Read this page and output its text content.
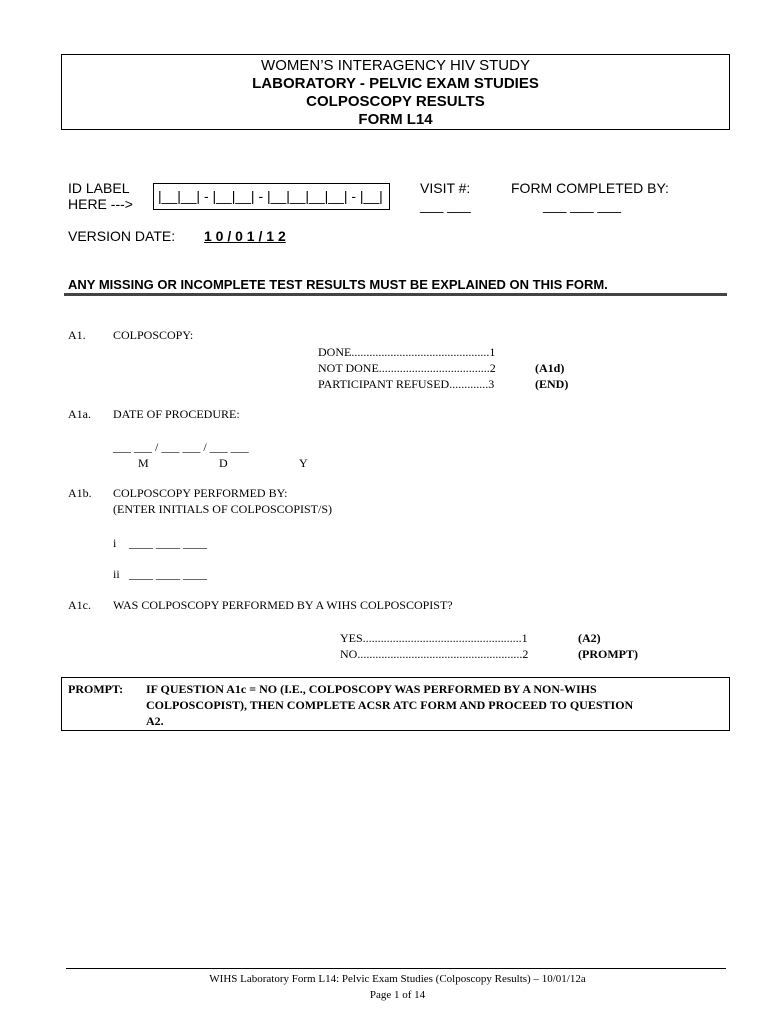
WOMEN’S INTERAGENCY HIV STUDY
LABORATORY - PELVIC EXAM STUDIES
COLPOSCOPY RESULTS
FORM L14
ID LABEL
HERE ---> |__|__| - |__|__| - |__|__|__|__| - |__|	VISIT #:
___ ___
FORM COMPLETED BY:
___ ___ ___
VERSION DATE: 1 0 / 0 1 / 1 2
ANY MISSING OR INCOMPLETE TEST RESULTS MUST BE EXPLAINED ON THIS FORM.
A1. COLPOSCOPY:
DONE..............................................1
NOT DONE.....................................2	(A1d)
PARTICIPANT REFUSED.............3	(END)
A1a. DATE OF PROCEDURE:
___ ___ / ___ ___ / ___ ___
M	D	Y
A1b. COLPOSCOPY PERFORMED BY:
(ENTER INITIALS OF COLPOSCOPIST/S)
i ____ ____ ____
ii ____ ____ ____
A1c. WAS COLPOSCOPY PERFORMED BY A WIHS COLPOSCOPIST?
YES.....................................................1	(A2)
NO.......................................................2	(PROMPT)
PROMPT: IF QUESTION A1c = NO (I.E., COLPOSCOPY WAS PERFORMED BY A NON-WIHS
COLPOSCOPIST), THEN COMPLETE ACSR ATC FORM AND PROCEED TO QUESTION
A2.
WIHS Laboratory Form L14: Pelvic Exam Studies (Colposcopy Results) – 10/01/12a
Page 1 of 14
